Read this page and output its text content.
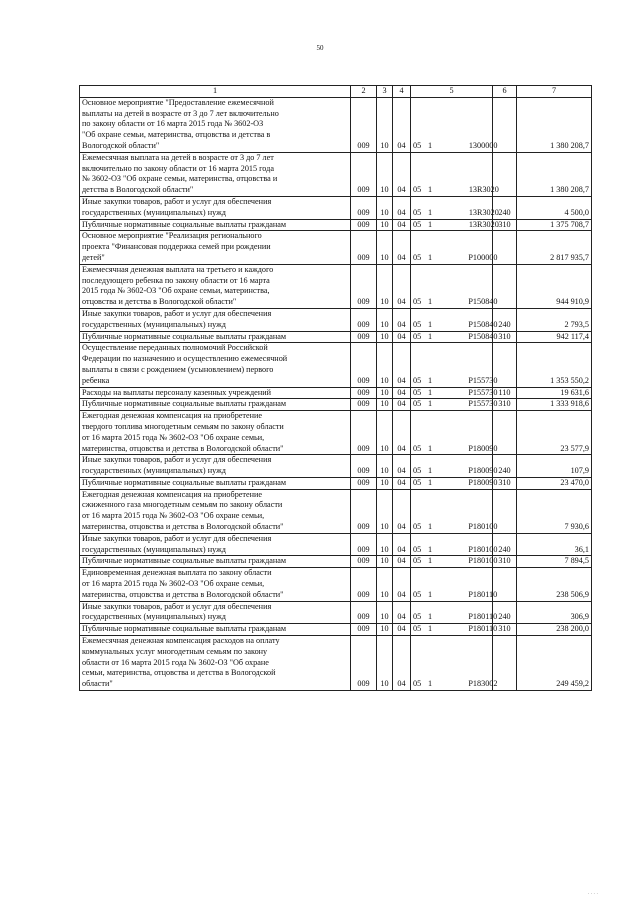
50
1	2	3	4	5	6	7
Основное мероприятие "Предоставление ежемесячной
выплаты на детей в возрасте от 3 до 7 лет включительно
по закону области от 16 марта 2015 года № 3602-ОЗ
"Об охране семьи, материнства, отцовства и детства в
Вологодской области"	009	10	04	05 1 1300000		1 380 208,7
Ежемесячная выплата на детей в возрасте от 3 до 7 лет
включительно по закону области от 16 марта 2015 года
№ 3602-ОЗ "Об охране семьи, материнства, отцовства и
детства в Вологодской области"	009	10	04	05 1 13R3020		1 380 208,7
Иные закупки товаров, работ и услуг для обеспечения
государственных (муниципальных) нужд	009	10	04	05 1 13R3020	240	4 500,0
Публичные нормативные социальные выплаты гражданам	009	10	04	05 1 13R3020	310	1 375 708,7
Основное мероприятие "Реализация регионального
проекта "Финансовая поддержка семей при рождении
детей"	009	10	04	05 1 P100000		2 817 935,7
Ежемесячная денежная выплата на третьего и каждого
последующего ребенка по закону области от 16 марта
2015 года № 3602-ОЗ "Об охране семьи, материнства,
отцовства и детства в Вологодской области"	009	10	04	05 1 P150840		944 910,9
Иные закупки товаров, работ и услуг для обеспечения
государственных (муниципальных) нужд	009	10	04	05 1 P150840	240	2 793,5
Публичные нормативные социальные выплаты гражданам	009	10	04	05 1 P150840	310	942 117,4
Осуществление переданных полномочий Российской
Федерации по назначению и осуществлению ежемесячной
выплаты в связи с рождением (усыновлением) первого
ребенка	009	10	04	05 1 P155730		1 353 550,2
Расходы на выплаты персоналу казенных учреждений	009	10	04	05 1 P155730	110	19 631,6
Публичные нормативные социальные выплаты гражданам	009	10	04	05 1 P155730	310	1 333 918,6
Ежегодная денежная компенсация на приобретение
твердого топлива многодетным семьям по закону области
от 16 марта 2015 года № 3602-ОЗ "Об охране семьи,
материнства, отцовства и детства в Вологодской области"	009	10	04	05 1 P180090		23 577,9
Иные закупки товаров, работ и услуг для обеспечения
государственных (муниципальных) нужд	009	10	04	05 1 P180090	240	107,9
Публичные нормативные социальные выплаты гражданам	009	10	04	05 1 P180090	310	23 470,0
Ежегодная денежная компенсация на приобретение
сжиженного газа многодетным семьям по закону области
от 16 марта 2015 года № 3602-ОЗ "Об охране семьи,
материнства, отцовства и детства в Вологодской области"	009	10	04	05 1 P180100		7 930,6
Иные закупки товаров, работ и услуг для обеспечения
государственных (муниципальных) нужд	009	10	04	05 1 P180100	240	36,1
Публичные нормативные социальные выплаты гражданам	009	10	04	05 1 P180100	310	7 894,5
Единовременная денежная выплата по закону области
от 16 марта 2015 года № 3602-ОЗ "Об охране семьи,
материнства, отцовства и детства в Вологодской области"	009	10	04	05 1 P180110		238 506,9
Иные закупки товаров, работ и услуг для обеспечения
государственных (муниципальных) нужд	009	10	04	05 1 P180110	240	306,9
Публичные нормативные социальные выплаты гражданам	009	10	04	05 1 P180110	310	238 200,0
Ежемесячная денежная компенсация расходов на оплату
коммунальных услуг многодетным семьям по закону
области от 16 марта 2015 года № 3602-ОЗ "Об охране
семьи, материнства, отцовства и детства в Вологодской
области"	009	10	04	05 1 P183002		249 459,2
· · · ·
